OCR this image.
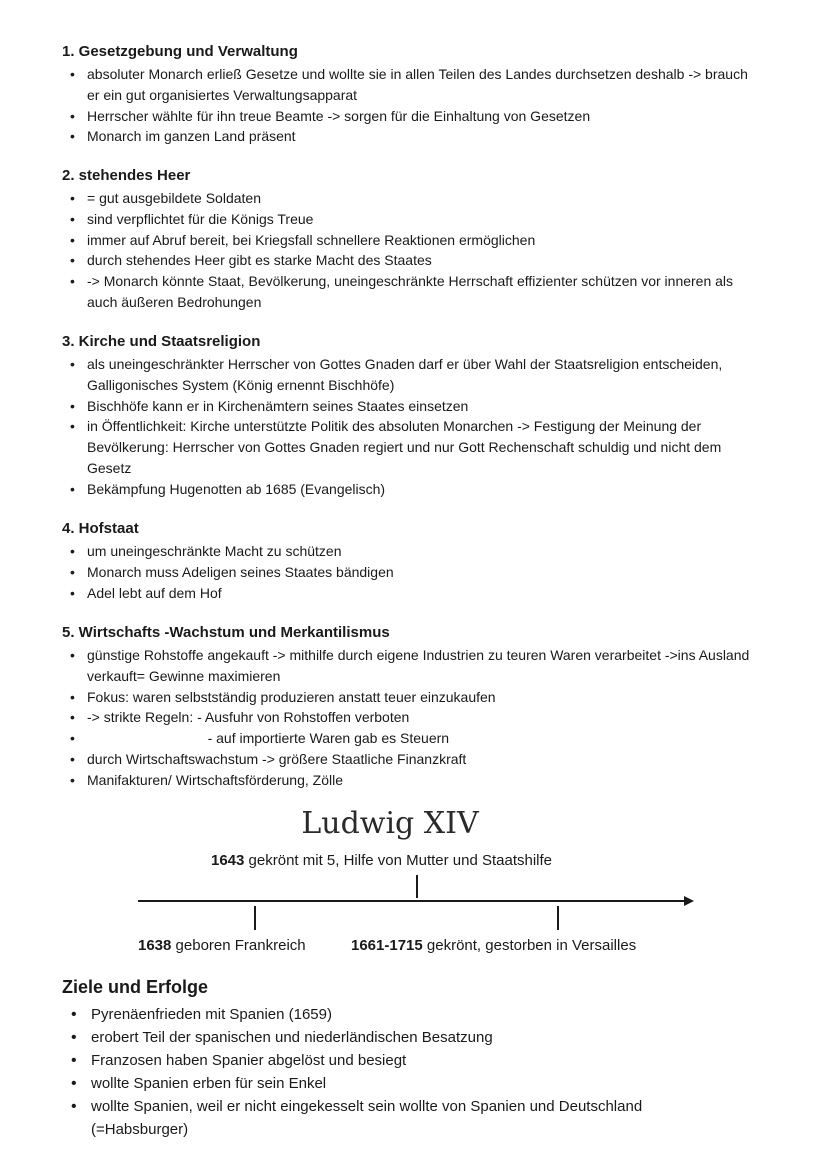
1. Gesetzgebung und Verwaltung
• absoluter Monarch erließ Gesetze und wollte sie in allen Teilen des Landes durchsetzen deshalb -> brauch er ein gut organisiertes Verwaltungsapparat
• Herrscher wählte für ihn treue Beamte -> sorgen für die Einhaltung von Gesetzen
• Monarch im ganzen Land präsent
2. stehendes Heer
• = gut ausgebildete Soldaten
• sind verpflichtet für die Königs Treue
• immer auf Abruf bereit, bei Kriegsfall schnellere Reaktionen ermöglichen
• durch stehendes Heer gibt es starke Macht des Staates
• -> Monarch könnte Staat, Bevölkerung, uneingeschränkte Herrschaft effizienter schützen vor inneren als auch äußeren Bedrohungen
3. Kirche und Staatsreligion
• als uneingeschränkter Herrscher von Gottes Gnaden darf er über Wahl der Staatsreligion entscheiden, Galligonisches System (König ernennt Bischhöfe)
• Bischhöfe kann er in Kirchenämtern seines Staates einsetzen
• in Öffentlichkeit: Kirche unterstützte Politik des absoluten Monarchen -> Festigung der Meinung der Bevölkerung: Herrscher von Gottes Gnaden regiert und nur Gott Rechenschaft schuldig und nicht dem Gesetz
• Bekämpfung Hugenotten ab 1685 (Evangelisch)
4. Hofstaat
• um uneingeschränkte Macht zu schützen
• Monarch muss Adeligen seines Staates bändigen
• Adel lebt auf dem Hof
5. Wirtschafts -Wachstum und Merkantilismus
• günstige Rohstoffe angekauft -> mithilfe durch eigene Industrien zu teuren Waren verarbeitet ->ins Ausland verkauft= Gewinne maximieren
• Fokus: waren selbstständig produzieren anstatt teuer einzukaufen
• -> strikte Regeln: - Ausfuhr von Rohstoffen verboten
•                                - auf importierte Waren gab es Steuern
• durch Wirtschaftswachstum -> größere Staatliche Finanzkraft
• Manifakturen/ Wirtschaftsförderung, Zölle
Ludwig XIV
1643 gekrönt mit 5, Hilfe von Mutter und Staatshilfe
1638 geboren Frankreich	1661-1715 gekrönt, gestorben in Versailles
Ziele und Erfolge
• Pyrenäenfrieden mit Spanien (1659)
• erobert Teil der spanischen und niederländischen Besatzung
• Franzosen haben Spanier abgelöst und besiegt
• wollte Spanien erben für sein Enkel
• wollte Spanien, weil er nicht eingekesselt sein wollte von Spanien und Deutschland (=Habsburger)
